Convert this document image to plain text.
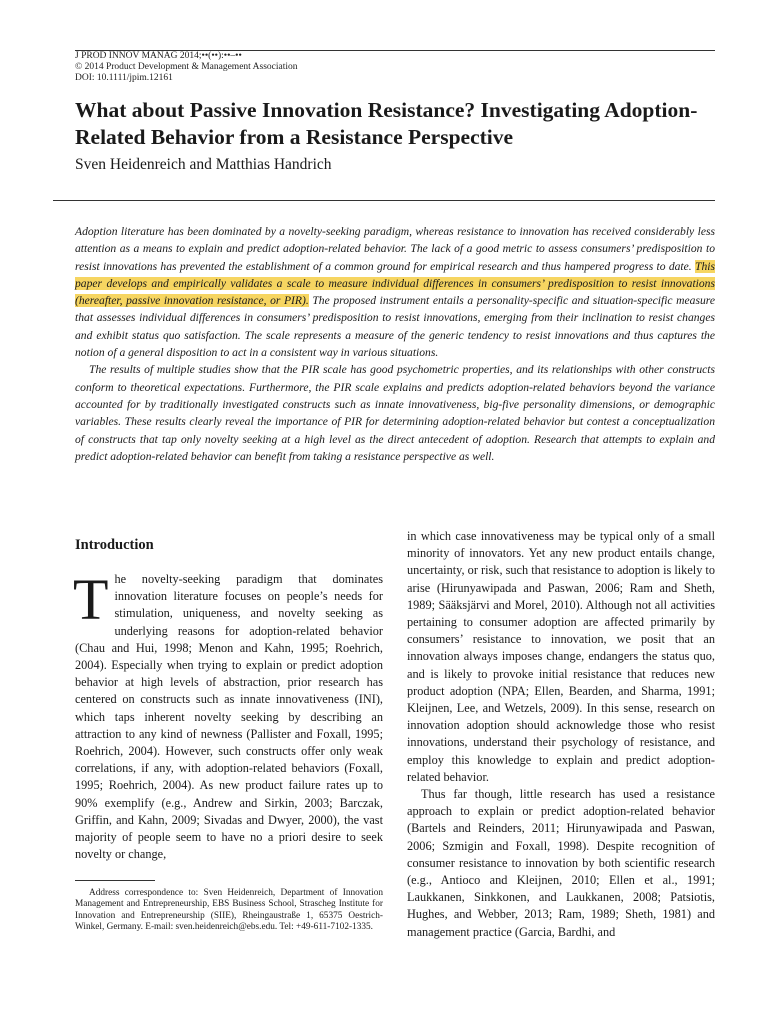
J PROD INNOV MANAG 2014;••(••):••–••
© 2014 Product Development & Management Association
DOI: 10.1111/jpim.12161
What about Passive Innovation Resistance? Investigating Adoption-Related Behavior from a Resistance Perspective
Sven Heidenreich and Matthias Handrich

Adoption literature has been dominated by a novelty-seeking paradigm, whereas resistance to innovation has received considerably less attention as a means to explain and predict adoption-related behavior. The lack of a good metric to assess consumers’ predisposition to resist innovations has prevented the establishment of a common ground for empirical research and thus hampered progress to date. This paper develops and empirically validates a scale to measure individual differences in consumers’ predisposition to resist innovations (hereafter, passive innovation resistance, or PIR). The proposed instrument entails a personality-specific and situation-specific measure that assesses individual differences in consumers’ predisposition to resist innovations, emerging from their inclination to resist changes and exhibit status quo satisfaction. The scale represents a measure of the generic tendency to resist innovations and thus captures the notion of a general disposition to act in a consistent way in various situations.

The results of multiple studies show that the PIR scale has good psychometric properties, and its relationships with other constructs conform to theoretical expectations. Furthermore, the PIR scale explains and predicts adoption-related behaviors beyond the variance accounted for by traditionally investigated constructs such as innate innovativeness, big-five personality dimensions, or demographic variables. These results clearly reveal the importance of PIR for determining adoption-related behavior but contest a conceptualization of constructs that tap only novelty seeking at a high level as the direct antecedent of adoption. Research that attempts to explain and predict adoption-related behavior can benefit from taking a resistance perspective as well.

Introduction

The novelty-seeking paradigm that dominates innovation literature focuses on people’s needs for stimulation, uniqueness, and novelty seeking as underlying reasons for adoption-related behavior (Chau and Hui, 1998; Menon and Kahn, 1995; Roehrich, 2004). Especially when trying to explain or predict adoption behavior at high levels of abstraction, prior research has centered on constructs such as innate innovativeness (INI), which taps inherent novelty seeking by describing an attraction to any kind of newness (Pallister and Foxall, 1995; Roehrich, 2004). However, such constructs offer only weak correlations, if any, with adoption-related behaviors (Foxall, 1995; Roehrich, 2004). As new product failure rates up to 90% exemplify (e.g., Andrew and Sirkin, 2003; Barczak, Griffin, and Kahn, 2009; Sivadas and Dwyer, 2000), the vast majority of people seem to have no a priori desire to seek novelty or change,

in which case innovativeness may be typical only of a small minority of innovators. Yet any new product entails change, uncertainty, or risk, such that resistance to adoption is likely to arise (Hirunyawipada and Paswan, 2006; Ram and Sheth, 1989; Sääksjärvi and Morel, 2010). Although not all activities pertaining to consumer adoption are affected primarily by consumers’ resistance to innovation, we posit that an innovation always imposes change, endangers the status quo, and is likely to provoke initial resistance that reduces new product adoption (NPA; Ellen, Bearden, and Sharma, 1991; Kleijnen, Lee, and Wetzels, 2009). In this sense, research on innovation adoption should acknowledge those who resist innovations, understand their psychology of resistance, and employ this knowledge to explain and predict adoption-related behavior.

Thus far though, little research has used a resistance approach to explain or predict adoption-related behavior (Bartels and Reinders, 2011; Hirunyawipada and Paswan, 2006; Szmigin and Foxall, 1998). Despite recognition of consumer resistance to innovation by both scientific research (e.g., Antioco and Kleijnen, 2010; Ellen et al., 1991; Laukkanen, Sinkkonen, and Laukkanen, 2008; Patsiotis, Hughes, and Webber, 2013; Ram, 1989; Sheth, 1981) and management practice (Garcia, Bardhi, and

Address correspondence to: Sven Heidenreich, Department of Innovation Management and Entrepreneurship, EBS Business School, Strascheg Institute for Innovation and Entrepreneurship (SIIE), Rheingaustraße 1, 65375 Oestrich-Winkel, Germany. E-mail: sven.heidenreich@ebs.edu. Tel: +49-611-7102-1335.
